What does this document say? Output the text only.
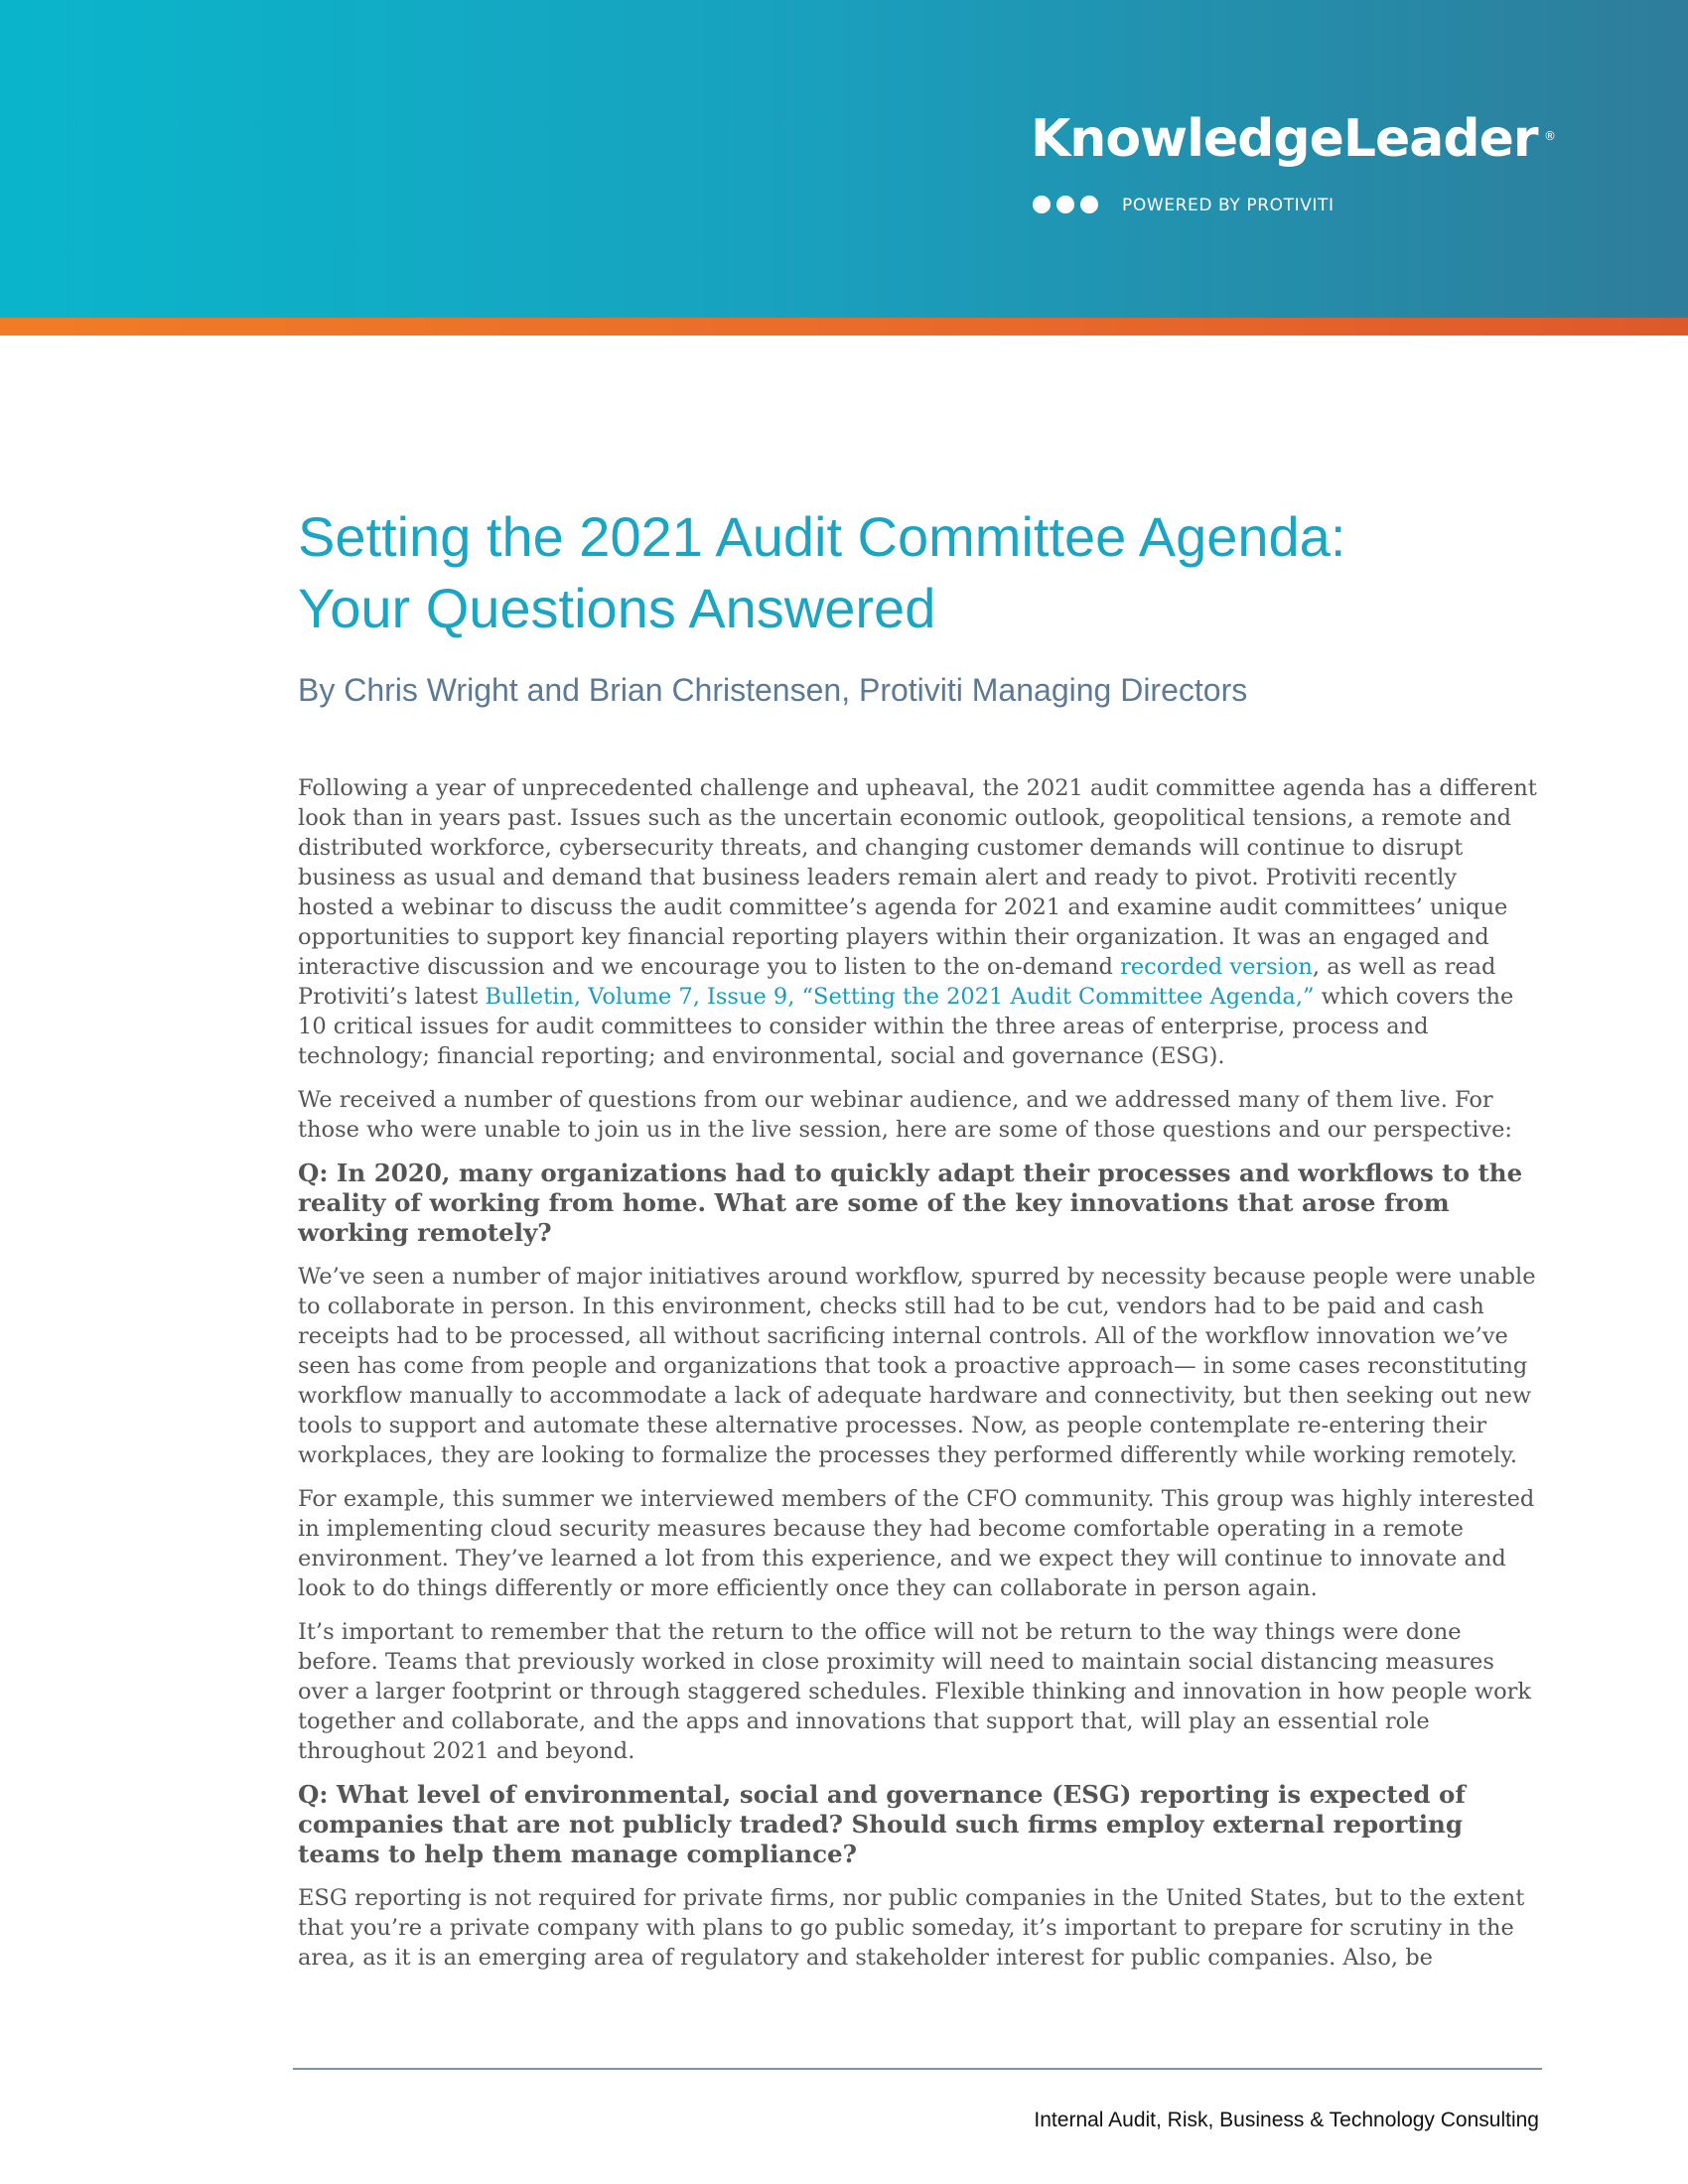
KnowledgeLeader ®
POWERED BY PROTIVITI
Setting the 2021 Audit Committee Agenda:
Your Questions Answered

By Chris Wright and Brian Christensen, Protiviti Managing Directors

Following a year of unprecedented challenge and upheaval, the 2021 audit committee agenda has a different look than in years past. Issues such as the uncertain economic outlook, geopolitical tensions, a remote and distributed workforce, cybersecurity threats, and changing customer demands will continue to disrupt business as usual and demand that business leaders remain alert and ready to pivot. Protiviti recently hosted a webinar to discuss the audit committee’s agenda for 2021 and examine audit committees’ unique opportunities to support key financial reporting players within their organization. It was an engaged and interactive discussion and we encourage you to listen to the on-demand recorded version, as well as read Protiviti’s latest Bulletin, Volume 7, Issue 9, “Setting the 2021 Audit Committee Agenda,” which covers the 10 critical issues for audit committees to consider within the three areas of enterprise, process and technology; financial reporting; and environmental, social and governance (ESG).

We received a number of questions from our webinar audience, and we addressed many of them live. For those who were unable to join us in the live session, here are some of those questions and our perspective:

Q: In 2020, many organizations had to quickly adapt their processes and workflows to the reality of working from home. What are some of the key innovations that arose from working remotely?

We’ve seen a number of major initiatives around workflow, spurred by necessity because people were unable to collaborate in person. In this environment, checks still had to be cut, vendors had to be paid and cash receipts had to be processed, all without sacrificing internal controls. All of the workflow innovation we’ve seen has come from people and organizations that took a proactive approach— in some cases reconstituting workflow manually to accommodate a lack of adequate hardware and connectivity, but then seeking out new tools to support and automate these alternative processes. Now, as people contemplate re-entering their workplaces, they are looking to formalize the processes they performed differently while working remotely.

For example, this summer we interviewed members of the CFO community. This group was highly interested in implementing cloud security measures because they had become comfortable operating in a remote environment. They’ve learned a lot from this experience, and we expect they will continue to innovate and look to do things differently or more efficiently once they can collaborate in person again.

It’s important to remember that the return to the office will not be return to the way things were done before. Teams that previously worked in close proximity will need to maintain social distancing measures over a larger footprint or through staggered schedules. Flexible thinking and innovation in how people work together and collaborate, and the apps and innovations that support that, will play an essential role throughout 2021 and beyond.

Q: What level of environmental, social and governance (ESG) reporting is expected of companies that are not publicly traded? Should such firms employ external reporting teams to help them manage compliance?

ESG reporting is not required for private firms, nor public companies in the United States, but to the extent that you’re a private company with plans to go public someday, it’s important to prepare for scrutiny in the area, as it is an emerging area of regulatory and stakeholder interest for public companies. Also, be

Internal Audit, Risk, Business & Technology Consulting
